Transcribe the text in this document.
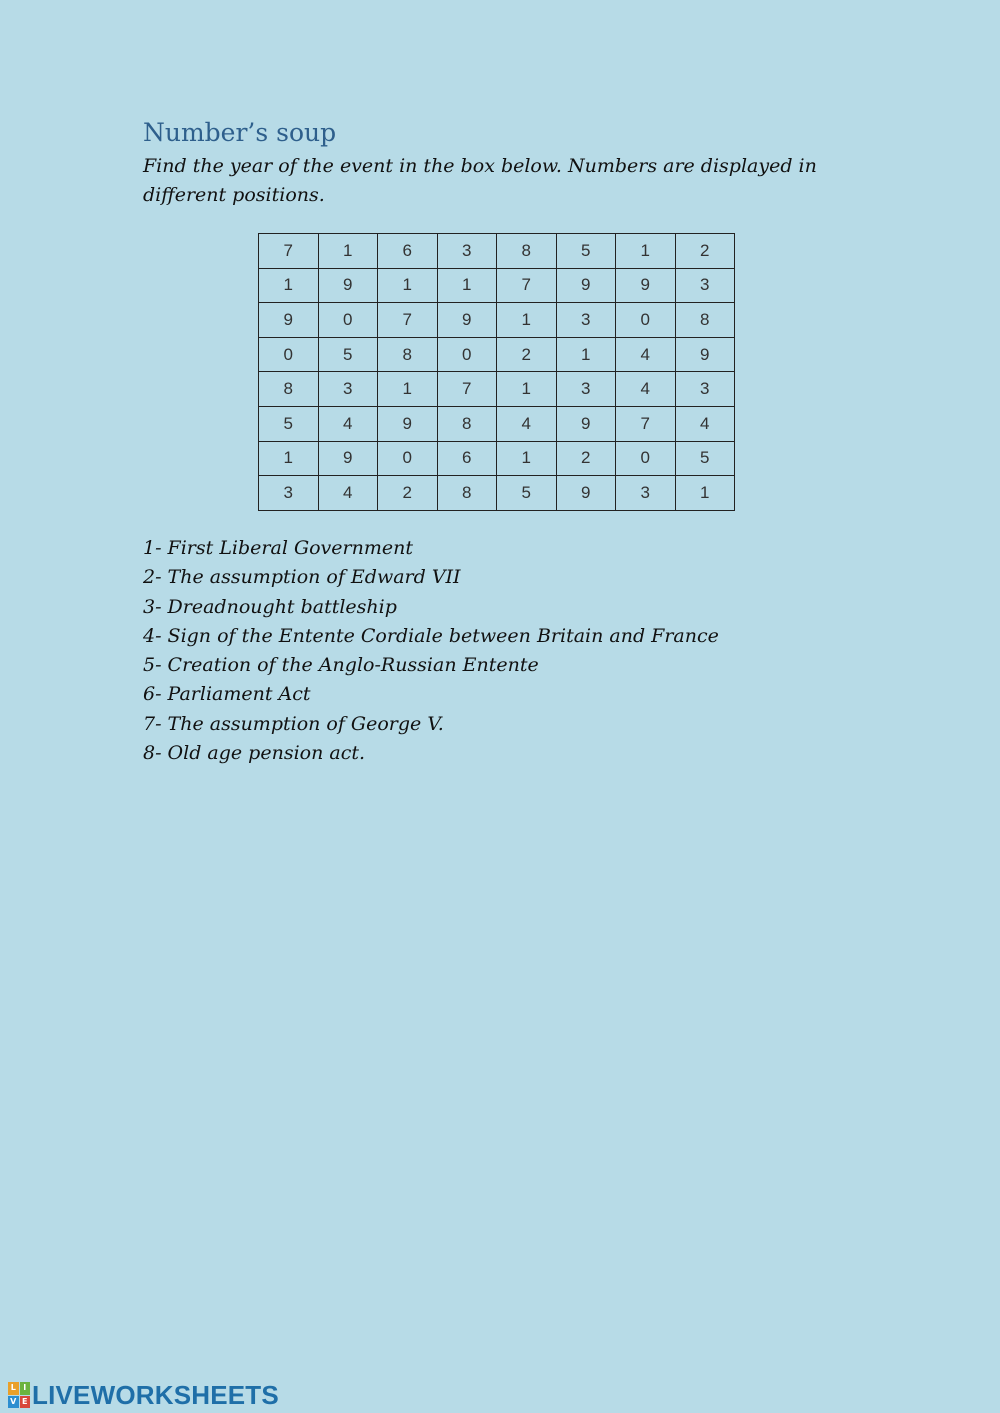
Number’s soup
Find the year of the event in the box below. Numbers are displayed in different positions.
7	1	6	3	8	5	1	2
1	9	1	1	7	9	9	3
9	0	7	9	1	3	0	8
0	5	8	0	2	1	4	9
8	3	1	7	1	3	4	3
5	4	9	8	4	9	7	4
1	9	0	6	1	2	0	5
3	4	2	8	5	9	3	1
1- First Liberal Government
2- The assumption of Edward VII
3- Dreadnought battleship
4- Sign of the Entente Cordiale between Britain and France
5- Creation of the Anglo-Russian Entente
6- Parliament Act
7- The assumption of George V.
8- Old age pension act.
L I
V E LIVEWORKSHEETS
